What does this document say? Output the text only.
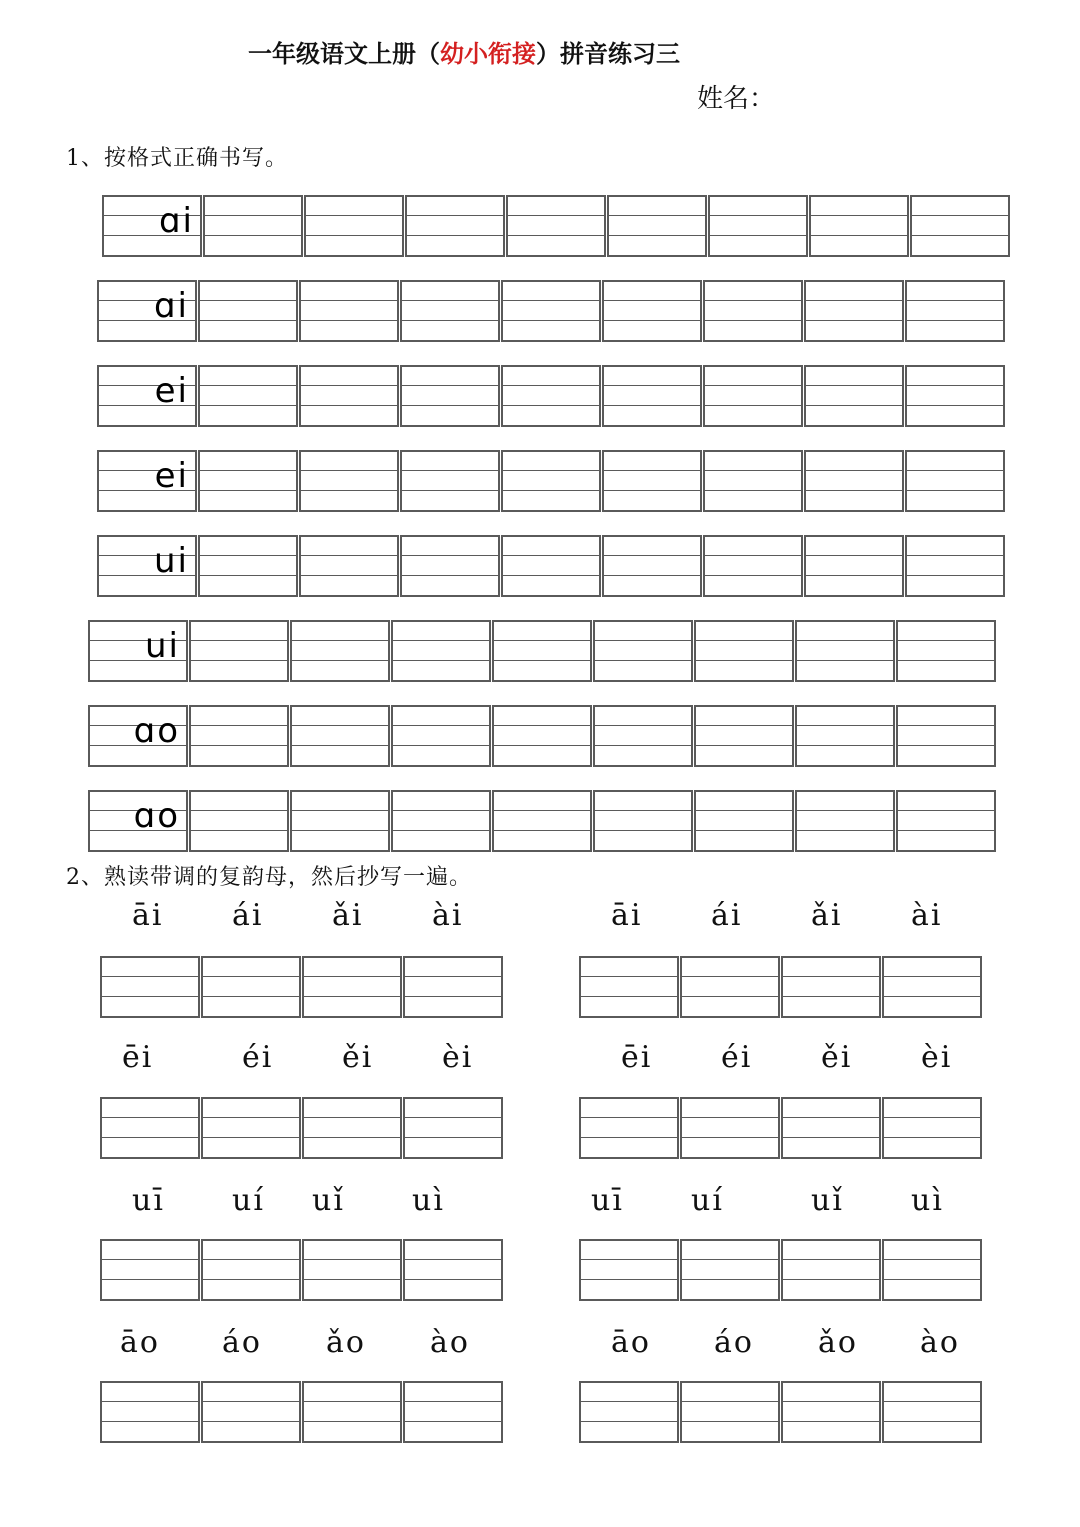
一年级语文上册（幼小衔接）拼音练习三
姓名：
1、按格式正确书写。
2、熟读带调的复韵母，然后抄写一遍。
ɑi
ɑi
ei
ei
ui
ui
ɑo
ɑo
āi ái ǎi ài	āi ái ǎi ài
ēi	éi ěi èi	ēi éi ěi èi
uī uí uǐ uì	uī uí	uǐ uì
āo áo ǎo ào	āo áo ǎo ào
